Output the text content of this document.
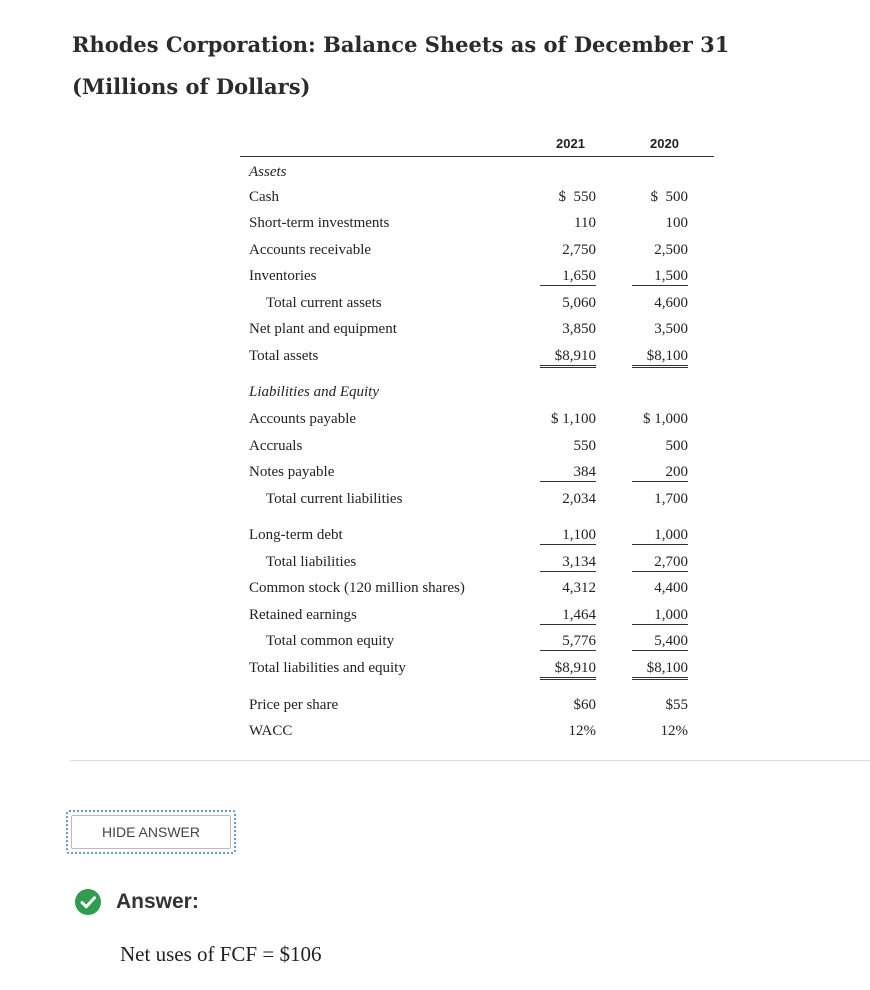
Rhodes Corporation: Balance Sheets as of December 31 (Millions of Dollars)
2021	2020
Assets
Cash	$  550	$  500
Short-term investments	110	100
Accounts receivable	2,750	2,500
Inventories	1,650	1,500
Total current assets	5,060	4,600
Net plant and equipment	3,850	3,500
Total assets	$8,910	$8,100
Liabilities and Equity
Accounts payable	$ 1,100	$ 1,000
Accruals	550	500
Notes payable	384	200
Total current liabilities	2,034	1,700
Long-term debt	1,100	1,000
Total liabilities	3,134	2,700
Common stock (120 million shares)	4,312	4,400
Retained earnings	1,464	1,000
Total common equity	5,776	5,400
Total liabilities and equity	$8,910	$8,100
Price per share	$60	$55
WACC	12%	12%
HIDE ANSWER
Answer:
Net uses of FCF = $106
